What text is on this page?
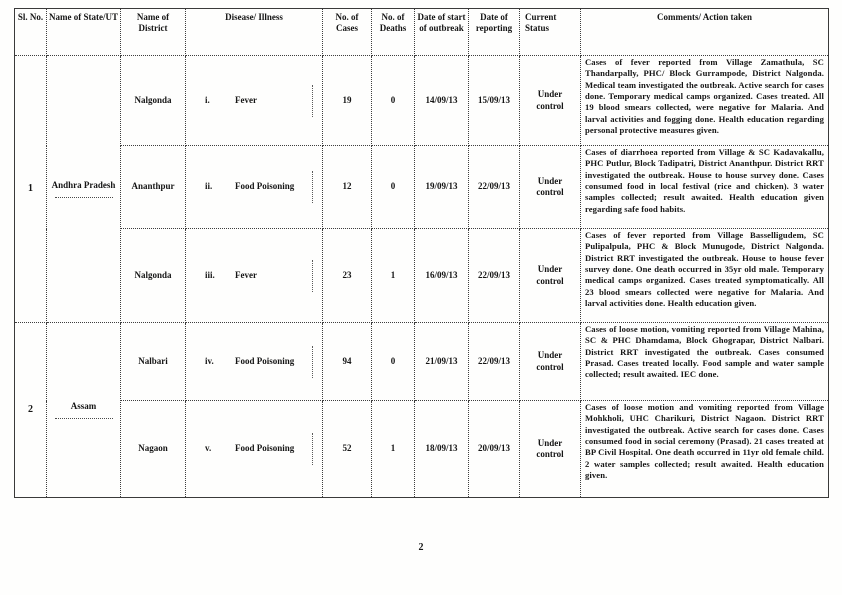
Sl. No.	Name of State/UT	Name of District	Disease/ Illness	No. of Cases	No. of Deaths	Date of start of outbreak	Date of reporting	Current Status	Comments/ Action taken
1	Andhra Pradesh	Nalgonda	i. Fever	19	0	14/09/13	15/09/13	Under control	Cases of fever reported from Village Zamathula, SC Thandarpally, PHC/ Block Gurrampode, District Nalgonda. Medical team investigated the outbreak. Active search for cases done. Temporary medical camps organized. Cases treated. All 19 blood smears collected, were negative for Malaria. And larval activities and fogging done. Health education regarding personal protective measures given.
		Ananthpur	ii. Food Poisoning	12	0	19/09/13	22/09/13	Under control	Cases of diarrhoea reported from Village & SC Kadavakallu, PHC Putlur, Block Tadipatri, District Ananthpur. District RRT investigated the outbreak. House to house survey done. Cases consumed food in local festival (rice and chicken). 3 water samples collected; result awaited. Health education given regarding safe food habits.
		Nalgonda	iii. Fever	23	1	16/09/13	22/09/13	Under control	Cases of fever reported from Village Basselligudem, SC Pulipalpula, PHC & Block Munugode, District Nalgonda. District RRT investigated the outbreak. House to house fever survey done. One death occurred in 35yr old male. Temporary medical camps organized. Cases treated symptomatically. All 23 blood smears collected were negative for Malaria. And larval activities done. Health education given.
2	Assam	Nalbari	iv. Food Poisoning	94	0	21/09/13	22/09/13	Under control	Cases of loose motion, vomiting reported from Village Mahina, SC & PHC Dhamdama, Block Ghograpar, District Nalbari. District RRT investigated the outbreak. Cases consumed Prasad. Cases treated locally. Food sample and water sample collected; result awaited. IEC done.
		Nagaon	v. Food Poisoning	52	1	18/09/13	20/09/13	Under control	Cases of loose motion and vomiting reported from Village Mohkholi, UHC Charikuri, District Nagaon. District RRT investigated the outbreak. Active search for cases done. Cases consumed food in social ceremony (Prasad). 21 cases treated at BP Civil Hospital. One death occurred in 11yr old female child. 2 water samples collected; result awaited. Health education given.
2
